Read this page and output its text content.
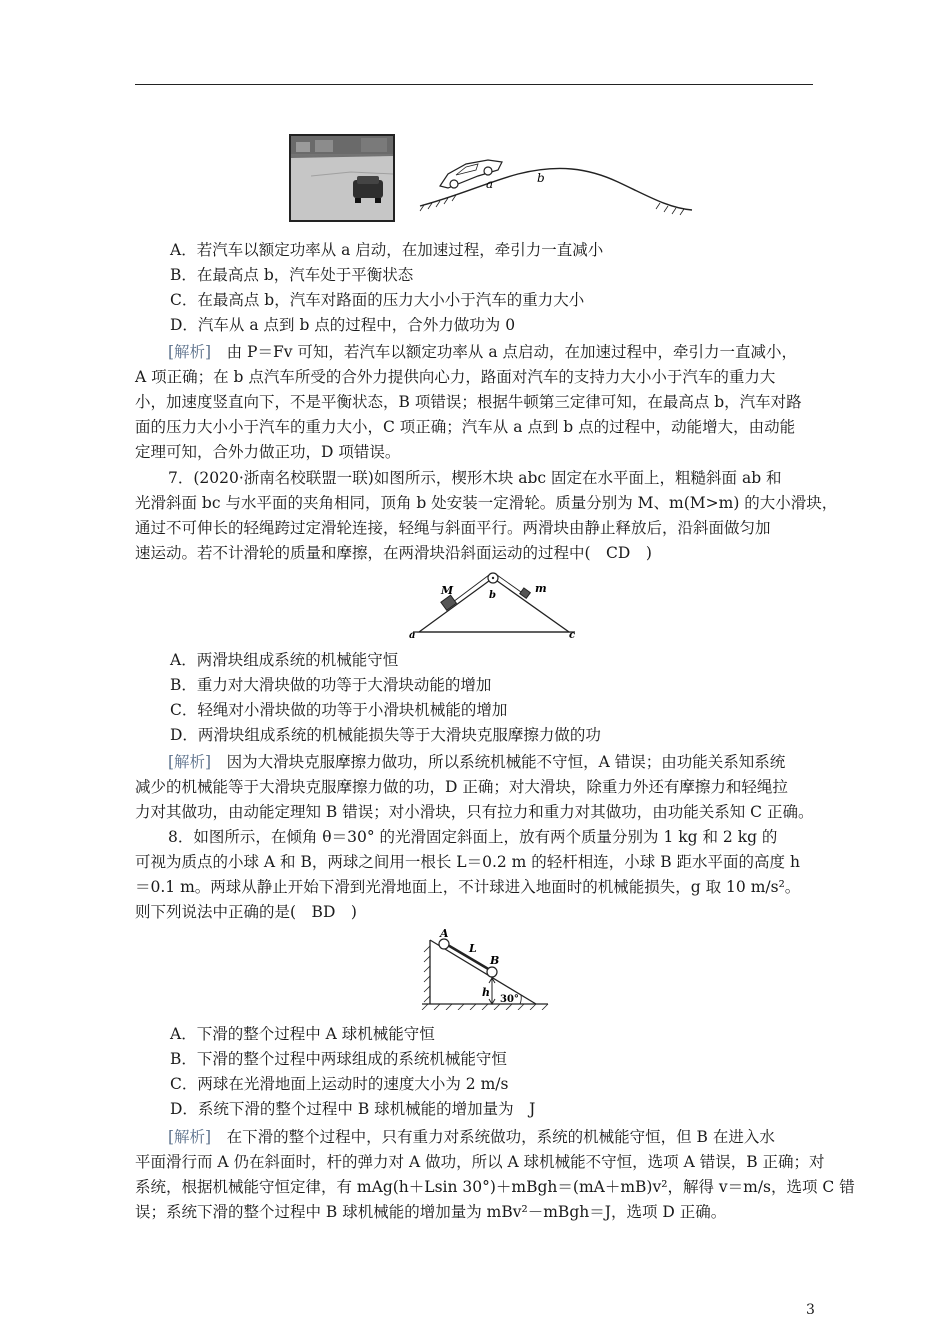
a	b
A．若汽车以额定功率从 a 启动，在加速过程，牵引力一直减小
B．在最高点 b，汽车处于平衡状态
C．在最高点 b，汽车对路面的压力大小小于汽车的重力大小
D．汽车从 a 点到 b 点的过程中，合外力做功为 0
[解析]　 由 P＝Fv 可知，若汽车以额定功率从 a 点启动，在加速过程中，牵引力一直减小，
A 项正确；在 b 点汽车所受的合外力提供向心力，路面对汽车的支持力大小小于汽车的重力大
小，加速度竖直向下，不是平衡状态，B 项错误；根据牛顿第三定律可知，在最高点 b，汽车对路
面的压力大小小于汽车的重力大小，C 项正确；汽车从 a 点到 b 点的过程中，动能增大，由动能
定理可知，合外力做正功，D 项错误。
7．(2020·浙南名校联盟一联)如图所示，楔形木块 abc 固定在水平面上，粗糙斜面 ab 和
光滑斜面 bc 与水平面的夹角相同，顶角 b 处安装一定滑轮。质量分别为 M、m(M>m) 的大小滑块，
通过不可伸长的轻绳跨过定滑轮连接，轻绳与斜面平行。两滑块由静止释放后，沿斜面做匀加
速运动。若不计滑轮的质量和摩擦，在两滑块沿斜面运动的过程中(　CD　)
M	m
b
a	c
A．两滑块组成系统的机械能守恒
B．重力对大滑块做的功等于大滑块动能的增加
C．轻绳对小滑块做的功等于小滑块机械能的增加
D．两滑块组成系统的机械能损失等于大滑块克服摩擦力做的功
[解析]　 因为大滑块克服摩擦力做功，所以系统机械能不守恒，A 错误；由功能关系知系统
减少的机械能等于大滑块克服摩擦力做的功，D 正确；对大滑块，除重力外还有摩擦力和轻绳拉
力对其做功，由动能定理知 B 错误；对小滑块，只有拉力和重力对其做功，由功能关系知 C 正确。
8．如图所示，在倾角 θ＝30° 的光滑固定斜面上，放有两个质量分别为 1 kg 和 2 kg 的
可视为质点的小球 A 和 B，两球之间用一根长 L＝0.2 m 的轻杆相连，小球 B 距水平面的高度 h
＝0.1 m。两球从静止开始下滑到光滑地面上，不计球进入地面时的机械能损失，g 取 10 m/s²。
则下列说法中正确的是(　BD　)
A
L
B
h
30°
A．下滑的整个过程中 A 球机械能守恒
B．下滑的整个过程中两球组成的系统机械能守恒
C．两球在光滑地面上运动时的速度大小为 2 m/s
D．系统下滑的整个过程中 B 球机械能的增加量为　J
[解析]　 在下滑的整个过程中，只有重力对系统做功，系统的机械能守恒，但 B 在进入水
平面滑行而 A 仍在斜面时，杆的弹力对 A 做功，所以 A 球机械能不守恒，选项 A 错误，B 正确；对
系统，根据机械能守恒定律，有 mAg(h＋Lsin 30°)＋mBgh＝(mA＋mB)v²，解得 v＝m/s，选项 C 错
误；系统下滑的整个过程中 B 球机械能的增加量为 mBv²－mBgh＝J，选项 D 正确。
3
